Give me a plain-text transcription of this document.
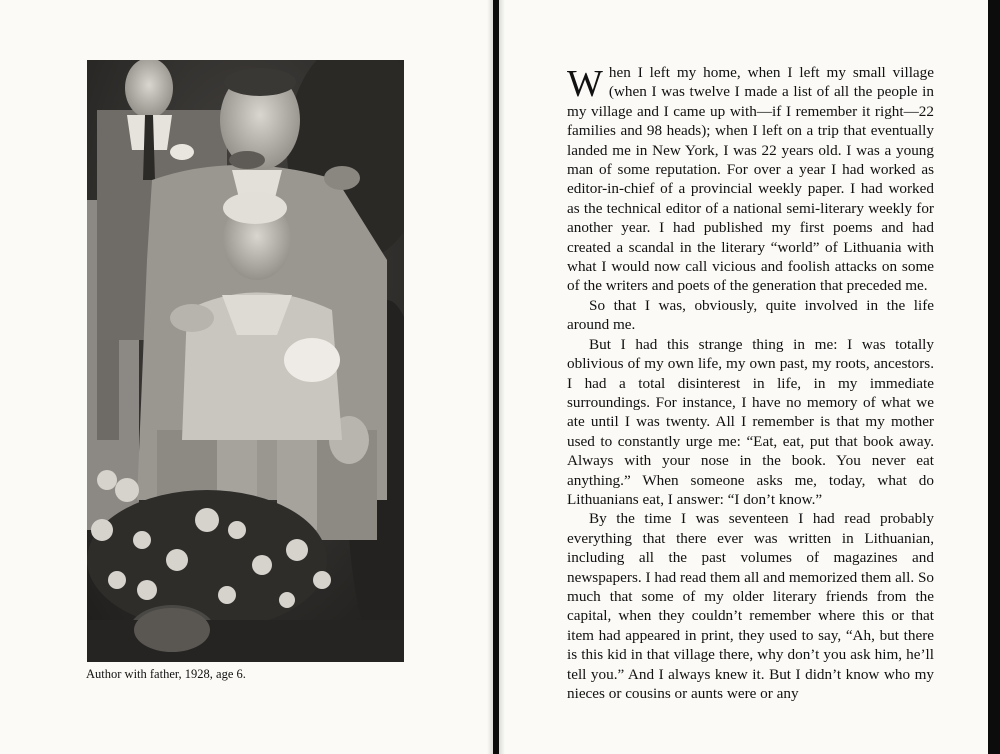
Author with father, 1928, age 6.

When I left my home, when I left my small village (when I was twelve I made a list of all the people in my village and I came up with—if I remember it right—22 families and 98 heads); when I left on a trip that eventually landed me in New York, I was 22 years old. I was a young man of some reputation. For over a year I had worked as editor-in-chief of a provincial weekly paper. I had worked as the technical editor of a national semi-literary weekly for another year. I had published my first poems and had created a scandal in the literary “world” of Lithuania with what I would now call vicious and foolish attacks on some of the writers and poets of the generation that preceded me.

So that I was, obviously, quite involved in the life around me.

But I had this strange thing in me: I was totally oblivious of my own life, my own past, my roots, ancestors. I had a total disinterest in life, in my immediate surroundings. For instance, I have no memory of what we ate until I was twenty. All I remember is that my mother used to constantly urge me: “Eat, eat, put that book away. Always with your nose in the book. You never eat anything.” When someone asks me, today, what do Lithuanians eat, I answer: “I don’t know.”

By the time I was seventeen I had read probably everything that there ever was written in Lithuanian, including all the past volumes of magazines and newspapers. I had read them all and memorized them all. So much that some of my older literary friends from the capital, when they couldn’t remember where this or that item had appeared in print, they used to say, “Ah, but there is this kid in that village there, why don’t you ask him, he’ll tell you.” And I always knew it. But I didn’t know who my nieces or cousins or aunts were or any
